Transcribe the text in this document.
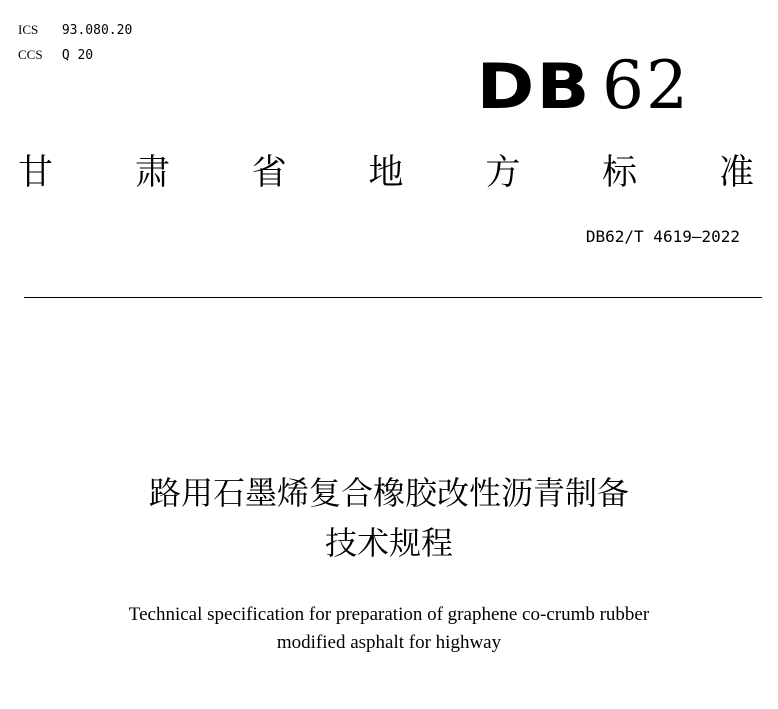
ICS 93.080.20
CCS Q 20	DB 62
甘 肃 省 地 方 标 准
DB62/T 4619—2022
路用石墨烯复合橡胶改性沥青制备
技术规程
Technical specification for preparation of graphene co-crumb rubber
modified asphalt for highway
